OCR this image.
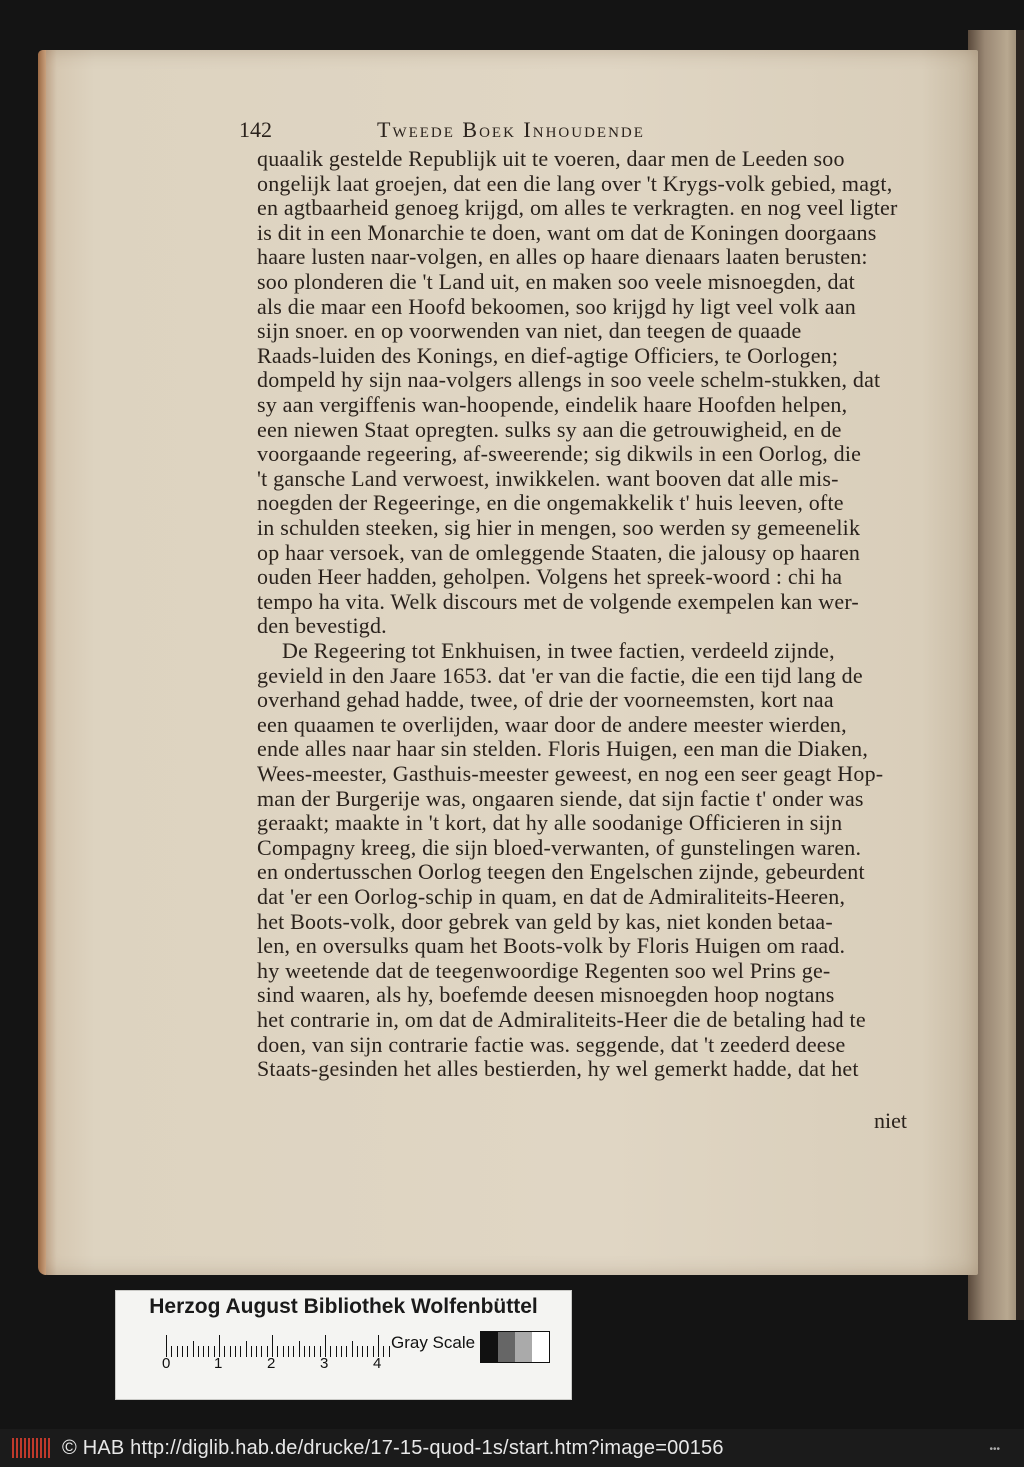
142	Tweede Boek Inhoudende
quaalik gestelde Republijk uit te voeren, daar men de Leeden soo
ongelijk laat groejen, dat een die lang over 't Krygs-volk gebied, magt,
en agtbaarheid genoeg krijgd, om alles te verkragten. en nog veel ligter
is dit in een Monarchie te doen, want om dat de Koningen doorgaans
haare lusten naar-volgen, en alles op haare dienaars laaten berusten:
soo plonderen die 't Land uit, en maken soo veele misnoegden, dat
als die maar een Hoofd bekoomen, soo krijgd hy ligt veel volk aan
sijn snoer. en op voorwenden van niet, dan teegen de quaade
Raads-luiden des Konings, en dief-agtige Officiers, te Oorlogen;
dompeld hy sijn naa-volgers allengs in soo veele schelm-stukken, dat
sy aan vergiffenis wan-hoopende, eindelik haare Hoofden helpen,
een niewen Staat opregten. sulks sy aan die getrouwigheid, en de
voorgaande regeering, af-sweerende; sig dikwils in een Oorlog, die
't gansche Land verwoest, inwikkelen. want booven dat alle mis-
noegden der Regeeringe, en die ongemakkelik t' huis leeven, ofte
in schulden steeken, sig hier in mengen, soo werden sy gemeenelik
op haar versoek, van de omleggende Staaten, die jalousy op haaren
ouden Heer hadden, geholpen. Volgens het spreek-woord : chi ha
tempo ha vita. Welk discours met de volgende exempelen kan wer-
den bevestigd.
De Regeering tot Enkhuisen, in twee factien, verdeeld zijnde,
gevield in den Jaare 1653. dat 'er van die factie, die een tijd lang de
overhand gehad hadde, twee, of drie der voorneemsten, kort naa
een quaamen te overlijden, waar door de andere meester wierden,
ende alles naar haar sin stelden. Floris Huigen, een man die Diaken,
Wees-meester, Gasthuis-meester geweest, en nog een seer geagt Hop-
man der Burgerije was, ongaaren siende, dat sijn factie t' onder was
geraakt; maakte in 't kort, dat hy alle soodanige Officieren in sijn
Compagny kreeg, die sijn bloed-verwanten, of gunstelingen waren.
en ondertusschen Oorlog teegen den Engelschen zijnde, gebeurdent
dat 'er een Oorlog-schip in quam, en dat de Admiraliteits-Heeren,
het Boots-volk, door gebrek van geld by kas, niet konden betaa-
len, en oversulks quam het Boots-volk by Floris Huigen om raad.
hy weetende dat de teegenwoordige Regenten soo wel Prins ge-
sind waaren, als hy, boefemde deesen misnoegden hoop nogtans
het contrarie in, om dat de Admiraliteits-Heer die de betaling had te
doen, van sijn contrarie factie was. seggende, dat 't zeederd deese
Staats-gesinden het alles bestierden, hy wel gemerkt hadde, dat het
niet
Herzog August Bibliothek Wolfenbüttel
0	1	2	3	4
Gray Scale
© HAB http://diglib.hab.de/drucke/17-15-quod-1s/start.htm?image=00156	•••
